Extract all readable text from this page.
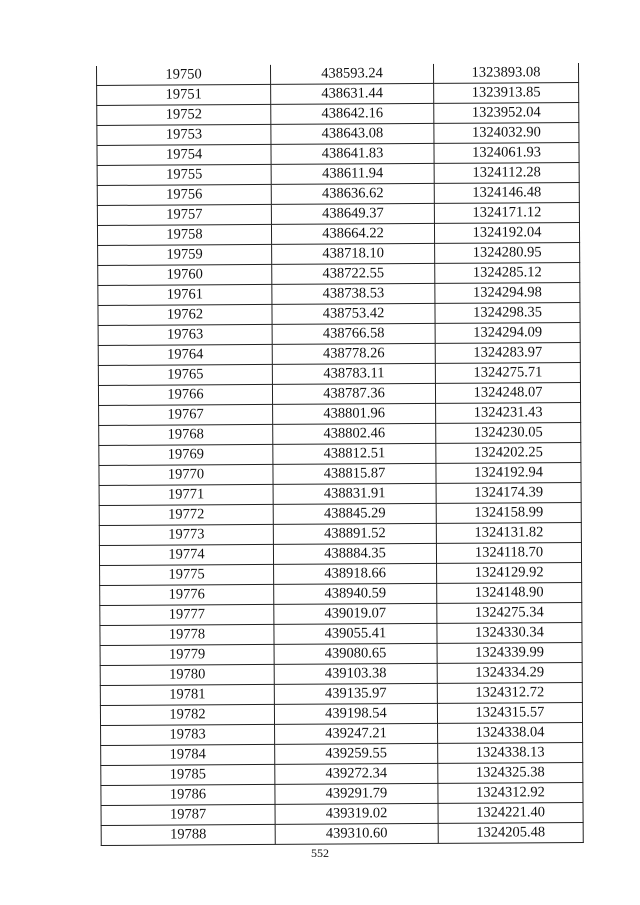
19750	438593.24	1323893.08
19751	438631.44	1323913.85
19752	438642.16	1323952.04
19753	438643.08	1324032.90
19754	438641.83	1324061.93
19755	438611.94	1324112.28
19756	438636.62	1324146.48
19757	438649.37	1324171.12
19758	438664.22	1324192.04
19759	438718.10	1324280.95
19760	438722.55	1324285.12
19761	438738.53	1324294.98
19762	438753.42	1324298.35
19763	438766.58	1324294.09
19764	438778.26	1324283.97
19765	438783.11	1324275.71
19766	438787.36	1324248.07
19767	438801.96	1324231.43
19768	438802.46	1324230.05
19769	438812.51	1324202.25
19770	438815.87	1324192.94
19771	438831.91	1324174.39
19772	438845.29	1324158.99
19773	438891.52	1324131.82
19774	438884.35	1324118.70
19775	438918.66	1324129.92
19776	438940.59	1324148.90
19777	439019.07	1324275.34
19778	439055.41	1324330.34
19779	439080.65	1324339.99
19780	439103.38	1324334.29
19781	439135.97	1324312.72
19782	439198.54	1324315.57
19783	439247.21	1324338.04
19784	439259.55	1324338.13
19785	439272.34	1324325.38
19786	439291.79	1324312.92
19787	439319.02	1324221.40
19788	439310.60	1324205.48
552
